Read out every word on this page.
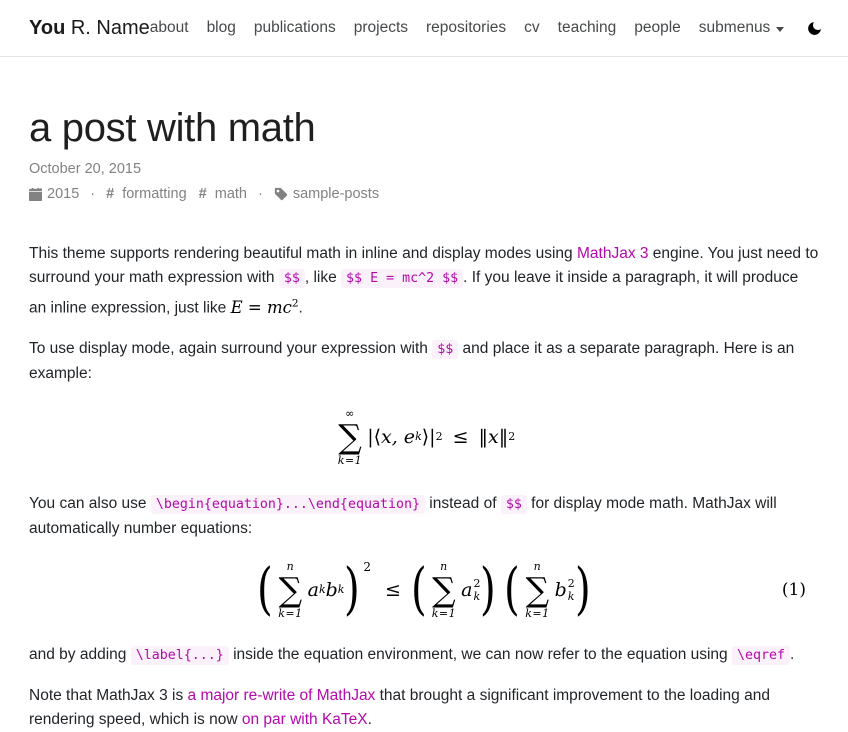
You R. Name about blog publications projects repositories cv teaching people submenus
a post with math

October 20, 2015

2015 · # formatting # math · sample-posts

This theme supports rendering beautiful math in inline and display modes using MathJax 3 engine. You just need to surround your math expression with $$ , like $$ E = mc^2 $$ . If you leave it inside a paragraph, it will produce an inline expression, just like $E = mc^2$.

To use display mode, again surround your expression with $$ and place it as a separate paragraph. Here is an example:

∞
∑
k=1
|⟨ x, e k ⟩| 2 ≤ ‖ x ‖ 2

You can also use \begin{equation}...\end{equation} instead of $$ for display mode math. MathJax will automatically number equations:

( n
∑
k=1
a k b k ) $^2$
≤ ( n
∑
k=1
a 2
k ) ( n
∑
k=1
b 2
k )	(1)

and by adding \label{...} inside the equation environment, we can now refer to the equation using \eqref .

Note that MathJax 3 is a major re-write of MathJax that brought a significant improvement to the loading and rendering speed, which is now on par with KaTeX.
